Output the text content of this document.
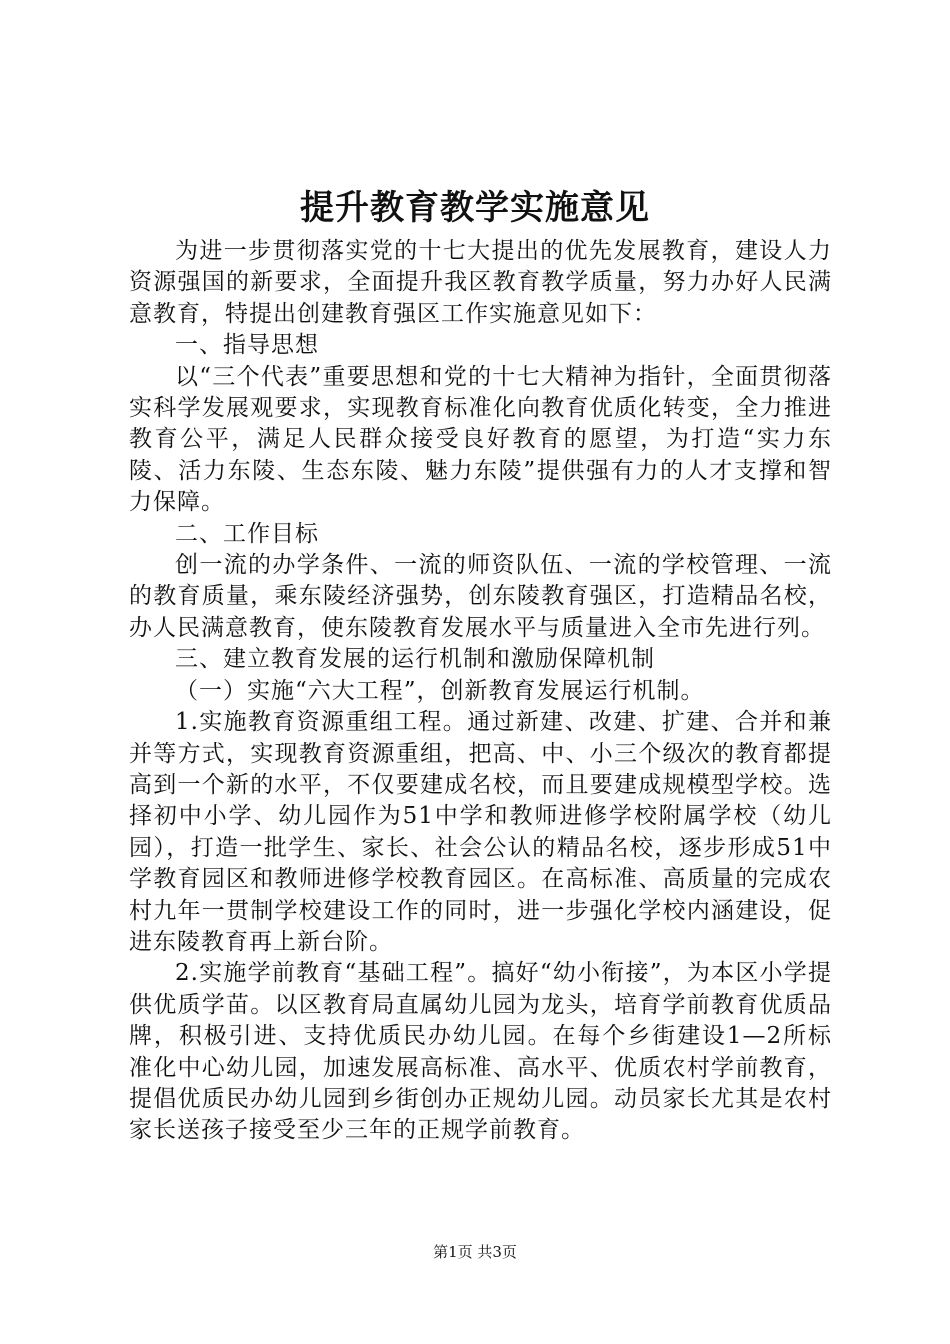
提升教育教学实施意见

为进一步贯彻落实党的十七大提出的优先发展教育，建设人力资源强国的新要求，全面提升我区教育教学质量，努力办好人民满意教育，特提出创建教育强区工作实施意见如下：

一、指导思想

以“三个代表”重要思想和党的十七大精神为指针，全面贯彻落实科学发展观要求，实现教育标准化向教育优质化转变，全力推进教育公平，满足人民群众接受良好教育的愿望，为打造“实力东陵、活力东陵、生态东陵、魅力东陵”提供强有力的人才支撑和智力保障。

二、工作目标

创一流的办学条件、一流的师资队伍、一流的学校管理、一流的教育质量，乘东陵经济强势，创东陵教育强区，打造精品名校，办人民满意教育，使东陵教育发展水平与质量进入全市先进行列。

三、建立教育发展的运行机制和激励保障机制

（一）实施“六大工程”，创新教育发展运行机制。

1.实施教育资源重组工程。通过新建、改建、扩建、合并和兼并等方式，实现教育资源重组，把高、中、小三个级次的教育都提高到一个新的水平，不仅要建成名校，而且要建成规模型学校。选择初中小学、幼儿园作为51中学和教师进修学校附属学校（幼儿园），打造一批学生、家长、社会公认的精品名校，逐步形成51中学教育园区和教师进修学校教育园区。在高标准、高质量的完成农村九年一贯制学校建设工作的同时，进一步强化学校内涵建设，促进东陵教育再上新台阶。

2.实施学前教育“基础工程”。搞好“幼小衔接”，为本区小学提供优质学苗。以区教育局直属幼儿园为龙头，培育学前教育优质品牌，积极引进、支持优质民办幼儿园。在每个乡街建设1—2所标准化中心幼儿园，加速发展高标准、高水平、优质农村学前教育，提倡优质民办幼儿园到乡街创办正规幼儿园。动员家长尤其是农村家长送孩子接受至少三年的正规学前教育。

第1页 共3页
